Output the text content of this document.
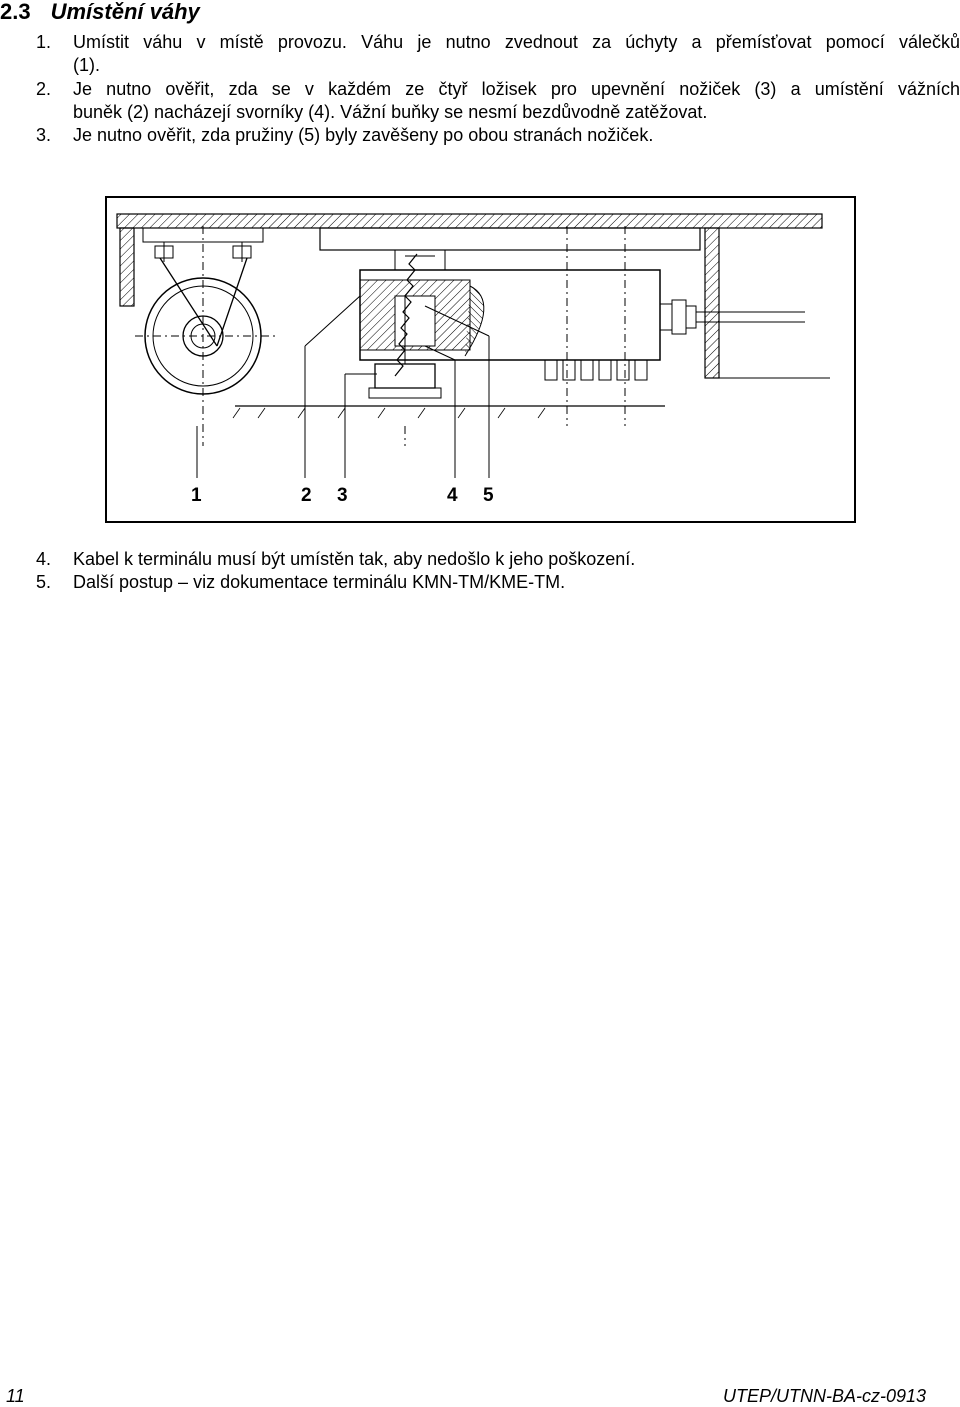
2.3 Umístění váhy
1. Umístit váhu v místě provozu. Váhu je nutno zvednout za úchyty a přemísťovat pomocí válečků
(1).
2. Je nutno ověřit, zda se v každém ze čtyř ložisek pro upevnění nožiček (3) a umístění vážních
buněk (2) nacházejí svorníky (4). Vážní buňky se nesmí bezdůvodně zatěžovat.
3. Je nutno ověřit, zda pružiny (5) byly zavěšeny po obou stranách nožiček.
1	2 3	4 5
4. Kabel k terminálu musí být umístěn tak, aby nedošlo k jeho poškození.
5. Další postup – viz dokumentace terminálu KMN-TM/KME-TM.
11	UTEP/UTNN-BA-cz-0913
